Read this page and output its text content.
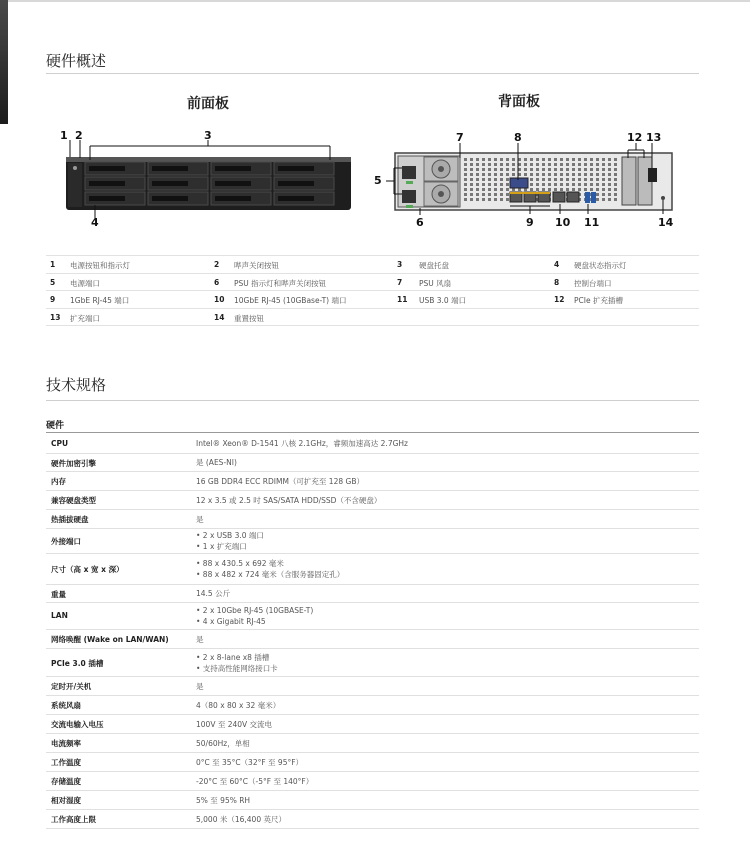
硬件概述
前面板	背面板
1 2	3
4
7	8	12 13
5
6	9 10 11	14
1 电源按钮和指示灯	2 哔声关闭按钮	3 硬盘托盘	4 硬盘状态指示灯
5 电源端口	6 PSU 指示灯和哔声关闭按钮	7 PSU 风扇	8 控制台端口
9 1GbE RJ-45 端口	10 10GbE RJ-45 (10GBase-T) 端口	11 USB 3.0 端口	12 PCIe 扩充插槽
13 扩充端口	14 重置按钮
技术规格
硬件
CPU	Intel® Xeon® D-1541 八核 2.1GHz，睿频加速高达 2.7GHz
硬件加密引擎	是 (AES-NI)
内存	16 GB DDR4 ECC RDIMM（可扩充至 128 GB）
兼容硬盘类型	12 x 3.5 或 2.5 吋 SAS/SATA HDD/SSD（不含硬盘）
热插拔硬盘	是
外接端口
• 2 x USB 3.0 端口
• 1 x 扩充端口
尺寸（高 x 宽 x 深）
• 88 x 430.5 x 692 毫米
• 88 x 482 x 724 毫米（含服务器固定孔）
重量	14.5 公斤
LAN
• 2 x 10Gbe RJ-45 (10GBASE-T)
• 4 x Gigabit RJ-45
网络唤醒 (Wake on LAN/WAN)	是
PCIe 3.0 插槽
• 2 x 8-lane x8 插槽
• 支持高性能网络接口卡
定时开/关机	是
系统风扇	4（80 x 80 x 32 毫米）
交流电输入电压	100V 至 240V 交流电
电流频率	50/60Hz，单相
工作温度	0°C 至 35°C（32°F 至 95°F）
存储温度	-20°C 至 60°C（-5°F 至 140°F）
相对湿度	5% 至 95% RH
工作高度上限	5,000 米（16,400 英尺）
